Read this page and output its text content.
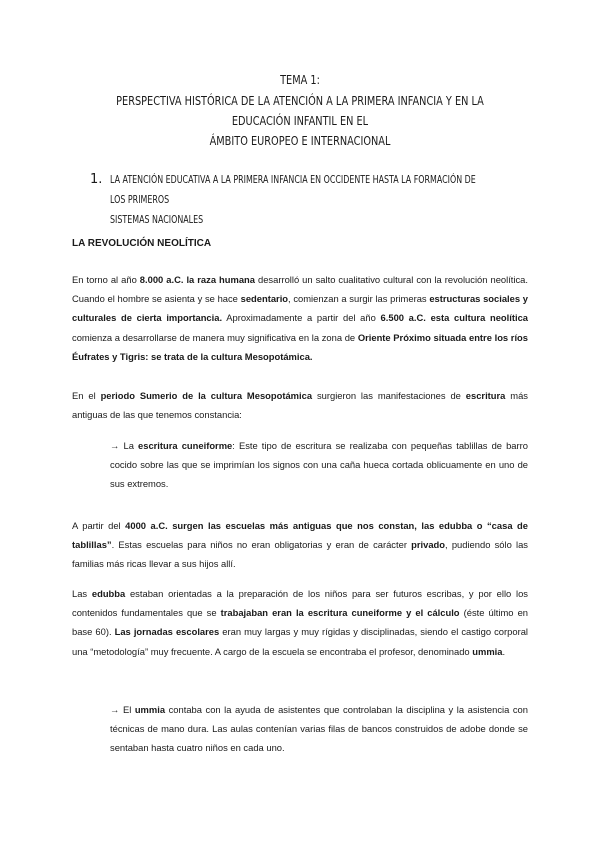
TEMA 1:
PERSPECTIVA HISTÓRICA DE LA ATENCIÓN A LA PRIMERA INFANCIA Y EN LA EDUCACIÓN INFANTIL EN EL
ÁMBITO EUROPEO E INTERNACIONAL
1. LA ATENCIÓN EDUCATIVA A LA PRIMERA INFANCIA EN OCCIDENTE HASTA LA FORMACIÓN DE LOS PRIMEROS
SISTEMAS NACIONALES
LA REVOLUCIÓN NEOLÍTICA
En torno al año 8.000 a.C. la raza humana desarrolló un salto cualitativo cultural con la revolución neolítica. Cuando el hombre se asienta y se hace sedentario, comienzan a surgir las primeras estructuras sociales y culturales de cierta importancia. Aproximadamente a partir del año 6.500 a.C. esta cultura neolítica comienza a desarrollarse de manera muy significativa en la zona de Oriente Próximo situada entre los ríos Éufrates y Tigris: se trata de la cultura Mesopotámica.
En el periodo Sumerio de la cultura Mesopotámica surgieron las manifestaciones de escritura más antiguas de las que tenemos constancia:
→ La escritura cuneiforme: Este tipo de escritura se realizaba con pequeñas tablillas de barro cocido sobre las que se imprimían los signos con una caña hueca cortada oblicuamente en uno de sus extremos.
A partir del 4000 a.C. surgen las escuelas más antiguas que nos constan, las edubba o “casa de tablillas”. Estas escuelas para niños no eran obligatorias y eran de carácter privado, pudiendo sólo las familias más ricas llevar a sus hijos allí.
Las edubba estaban orientadas a la preparación de los niños para ser futuros escribas, y por ello los contenidos fundamentales que se trabajaban eran la escritura cuneiforme y el cálculo (éste último en base 60). Las jornadas escolares eran muy largas y muy rígidas y disciplinadas, siendo el castigo corporal una “metodología” muy frecuente. A cargo de la escuela se encontraba el profesor, denominado ummia.
→ El ummia contaba con la ayuda de asistentes que controlaban la disciplina y la asistencia con técnicas de mano dura. Las aulas contenían varias filas de bancos construidos de adobe donde se sentaban hasta cuatro niños en cada uno.
